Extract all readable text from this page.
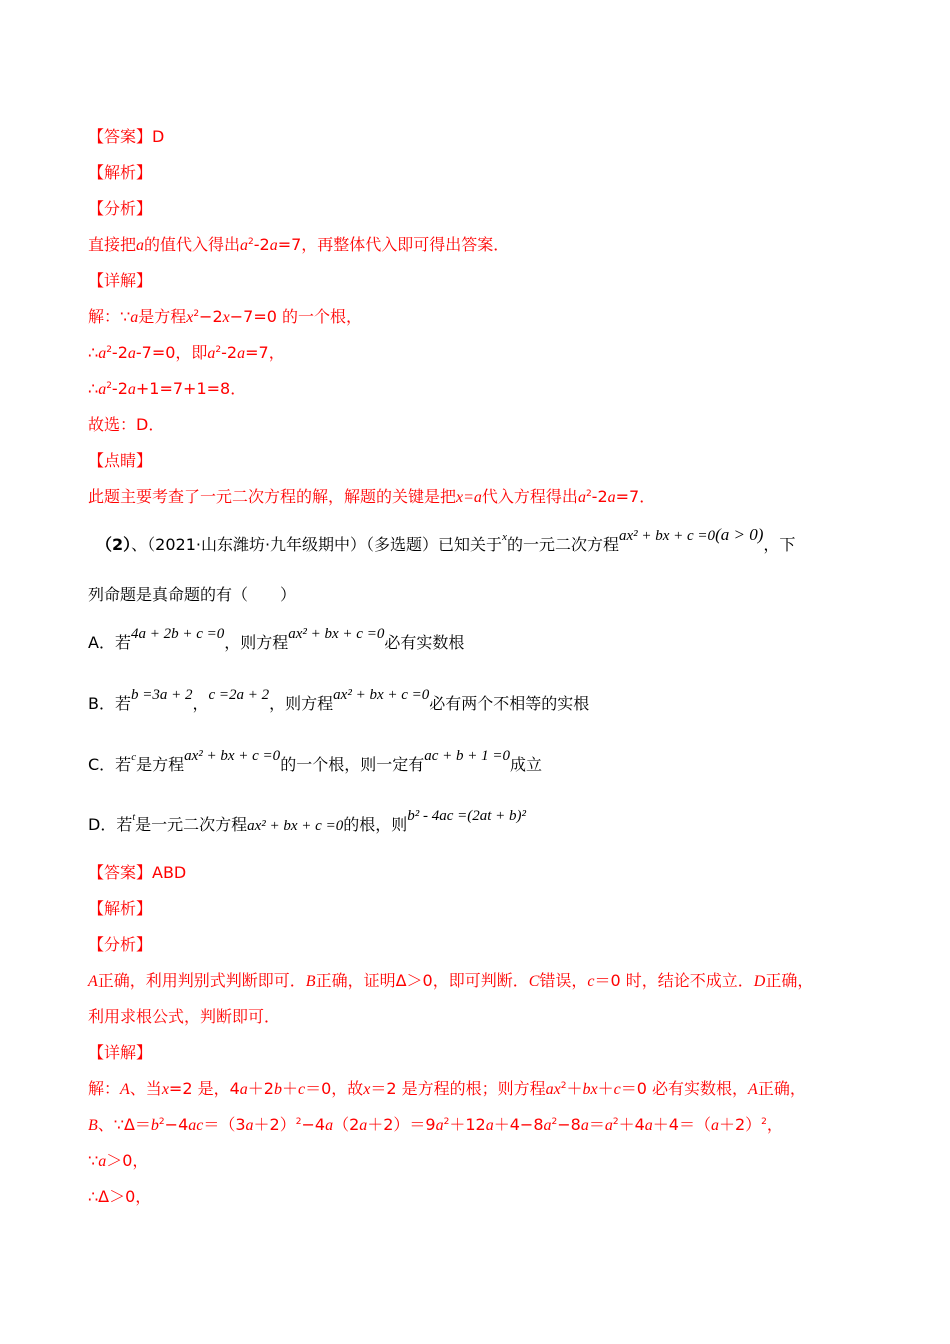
【答案】D
【解析】
【分析】
直接把a的值代入得出$a^2-2a=7$，再整体代入即可得出答案．
【详解】
解：∵a是方程$x^2-2x-7=0$ 的一个根，
$\therefore a^2-2a-7=0$，即$a^2-2a=7$，
$\therefore a^2-2a+1=7+1=8$．
故选：D．
【点睛】
此题主要考查了一元二次方程的解，解题的关键是把x=a代入方程得出$a^2-2a=7$．
（2）、（2021·山东潍坊·九年级期中）（多选题）已知关于$^x$的一元二次方程ax² + bx + c =0(a > 0)，下
列命题是真命题的有（　　）
A．若4a + 2b + c =0，则方程ax² + bx + c =0必有实数根
B．若b =3a + 2，c =2a + 2，则方程ax² + bx + c =0必有两个不相等的实根
C．若$^c$是方程ax² + bx + c =0的一个根，则一定有ac + b + 1 =0成立
D．若$^t$是一元二次方程ax² + bx + c =0的根，则b² - 4ac =(2at + b)²
【答案】ABD
【解析】
【分析】
A正确，利用判别式判断即可．B正确，证明Δ＞0，即可判断．C错误，c＝0 时，结论不成立．D正确，
利用求根公式，判断即可．
【详解】
解：A、当x=2 是，4a＋2b＋c＝0，故x＝2 是方程的根；则方程$ax^2+bx+c=0$ 必有实数根，A正确，
B、$\because\Delta=b^2-4ac=(3a+2)^2-4a(2a+2)=9a^2+12a+4-8a^2-8a=a^2+4a+4=(a+2)^2$，
∵a＞0，
∴Δ＞0，
